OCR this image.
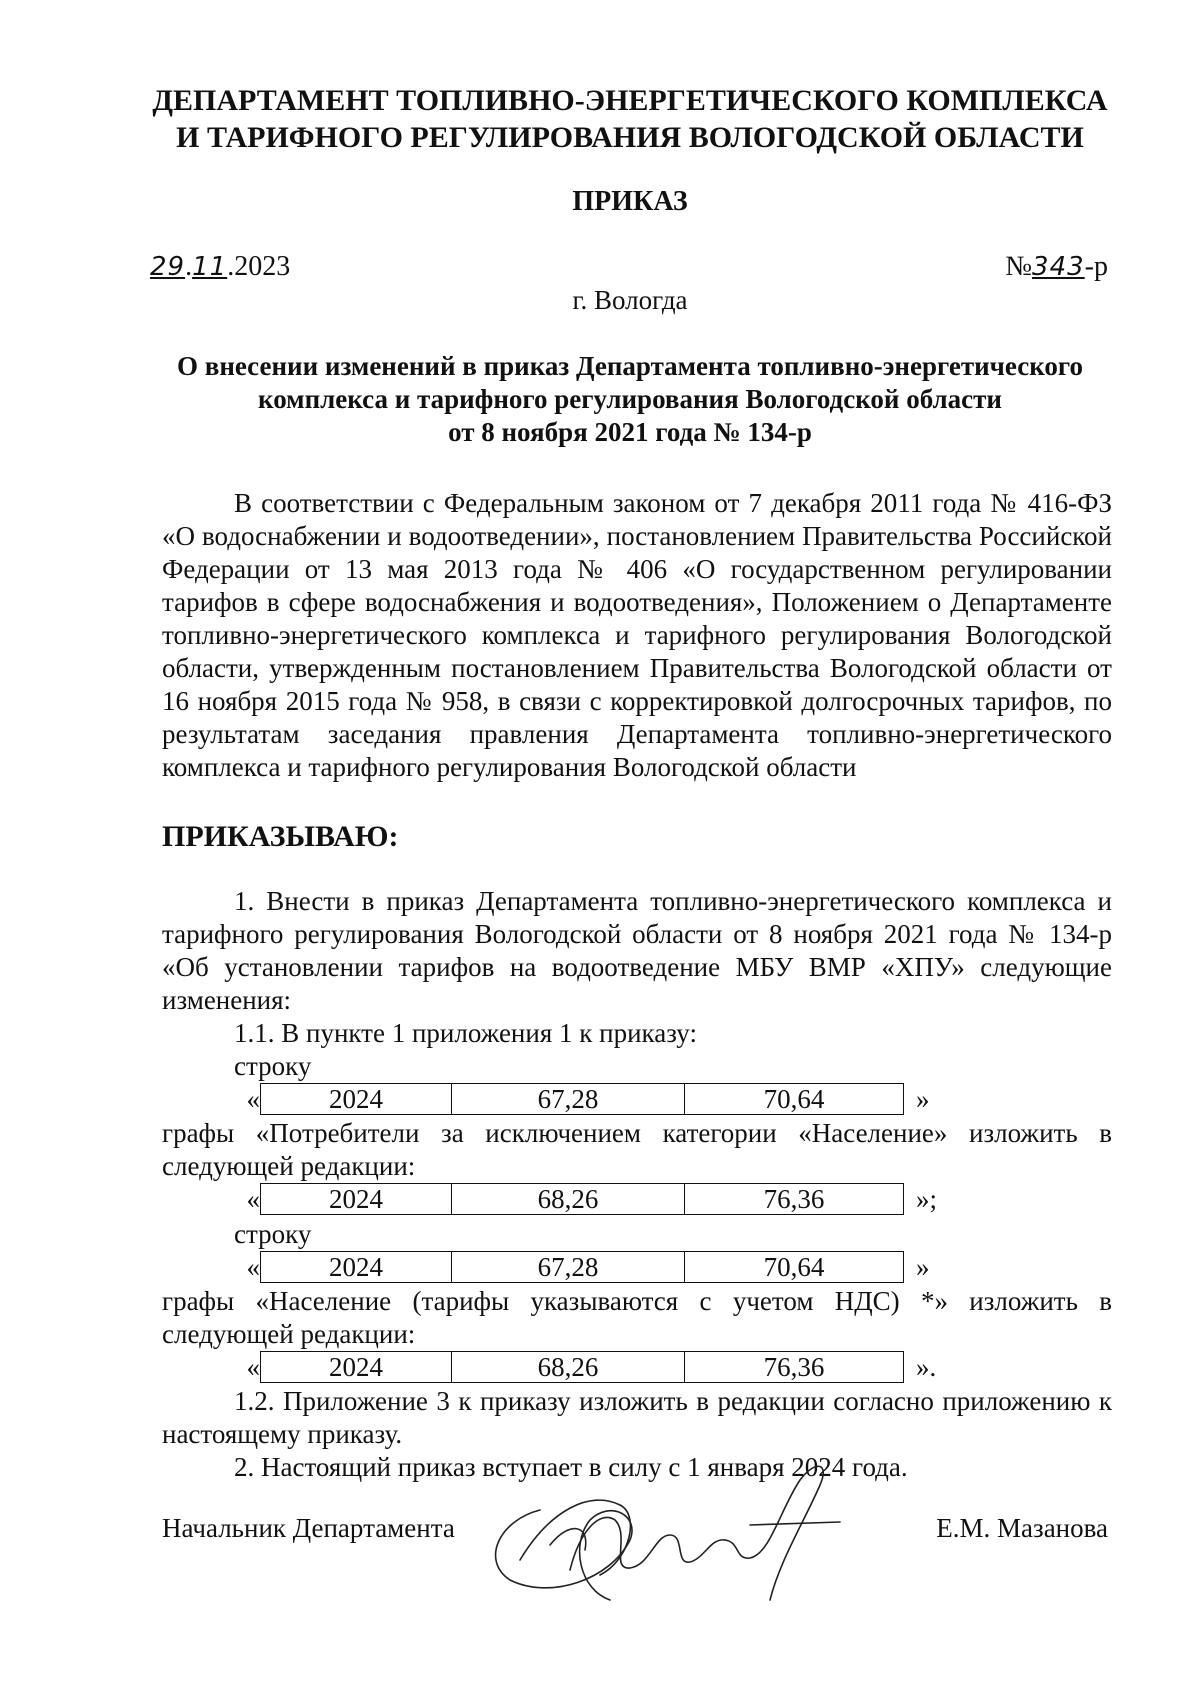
ДЕПАРТАМЕНТ ТОПЛИВНО-ЭНЕРГЕТИЧЕСКОГО КОМПЛЕКСА
И ТАРИФНОГО РЕГУЛИРОВАНИЯ ВОЛОГОДСКОЙ ОБЛАСТИ
ПРИКАЗ
29.11.2023	№343-р
г. Вологда
О внесении изменений в приказ Департамента топливно-энергетического
комплекса и тарифного регулирования Вологодской области
от 8 ноября 2021 года № 134-р
В соответствии с Федеральным законом от 7 декабря 2011 года № 416-ФЗ «О водоснабжении и водоотведении», постановлением Правительства Российской Федерации от 13 мая 2013 года № 406 «О государственном регулировании тарифов в сфере водоснабжения и водоотведения», Положением о Департаменте топливно-энергетического комплекса и тарифного регулирования Вологодской области, утвержденным постановлением Правительства Вологодской области от 16 ноября 2015 года № 958, в связи с корректировкой долгосрочных тарифов, по результатам заседания правления Департамента топливно-энергетического комплекса и тарифного регулирования Вологодской области
ПРИКАЗЫВАЮ:
1. Внести в приказ Департамента топливно-энергетического комплекса и тарифного регулирования Вологодской области от 8 ноября 2021 года № 134-р «Об установлении тарифов на водоотведение МБУ ВМР «ХПУ» следующие изменения:
1.1. В пункте 1 приложения 1 к приказу:
строку
«	2024	67,28	70,64	»
графы «Потребители за исключением категории «Население» изложить в следующей редакции:
«	2024	68,26	76,36	»;
строку
«	2024	67,28	70,64	»
графы «Население (тарифы указываются с учетом НДС) *» изложить в следующей редакции:
«	2024	68,26	76,36	».
1.2. Приложение 3 к приказу изложить в редакции согласно приложению к настоящему приказу.
2. Настоящий приказ вступает в силу с 1 января 2024 года.
Начальник Департамента	Е.М. Мазанова
